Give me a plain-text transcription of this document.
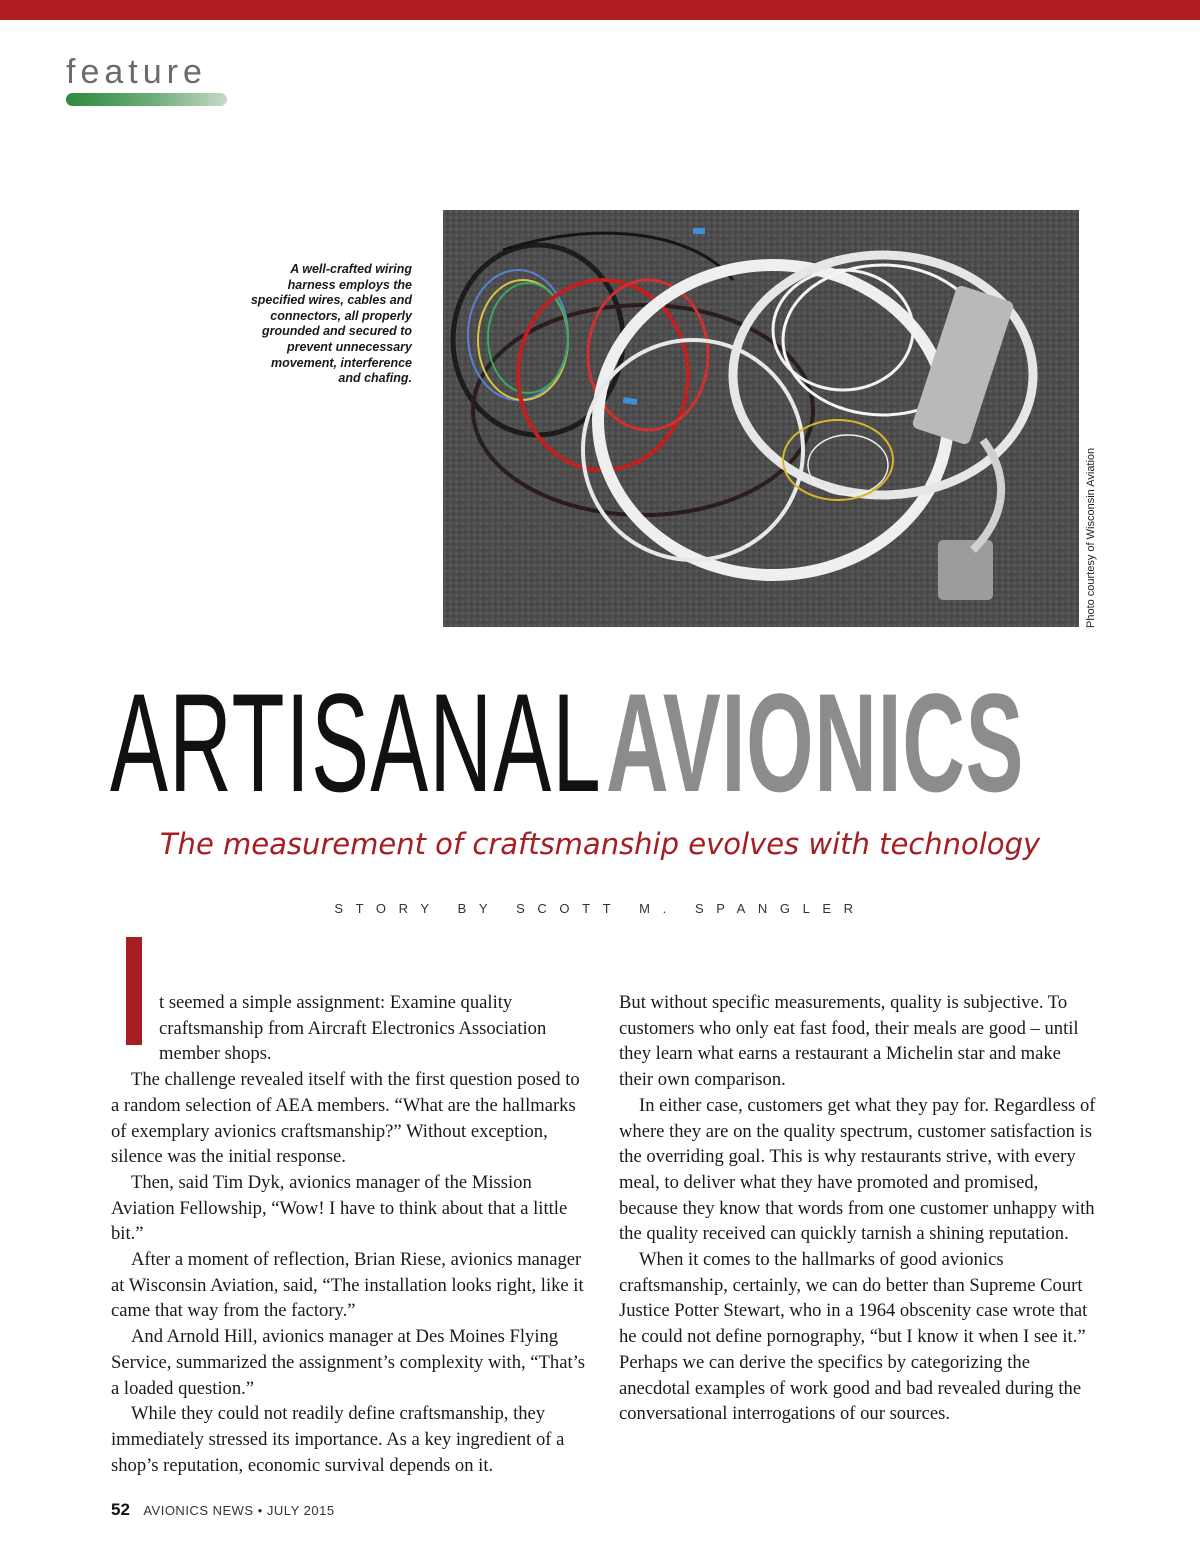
feature
A well-crafted wiring harness employs the specified wires, cables and connectors, all properly grounded and secured to prevent unnecessary movement, interference and chafing.
Photo courtesy of Wisconsin Aviation
ARTISANALAVIONICS
The measurement of craftsmanship evolves with technology
STORY BY SCOTT M. SPANGLER

t seemed a simple assignment: Examine quality craftsmanship from Aircraft Electronics Association member shops.

The challenge revealed itself with the first question posed to a random selection of AEA members. “What are the hallmarks of exemplary avionics craftsmanship?” Without exception, silence was the initial response.

Then, said Tim Dyk, avionics manager of the Mission Aviation Fellowship, “Wow! I have to think about that a little bit.”

After a moment of reflection, Brian Riese, avionics manager at Wisconsin Aviation, said, “The installation looks right, like it came that way from the factory.”

And Arnold Hill, avionics manager at Des Moines Flying Service, summarized the assignment’s complexity with, “That’s a loaded question.”

While they could not readily define craftsmanship, they immediately stressed its importance. As a key ingredient of a shop’s reputation, economic survival depends on it.

But without specific measurements, quality is subjective. To customers who only eat fast food, their meals are good – until they learn what earns a restaurant a Michelin star and make their own comparison.

In either case, customers get what they pay for. Regardless of where they are on the quality spectrum, customer satisfaction is the overriding goal. This is why restaurants strive, with every meal, to deliver what they have promoted and promised, because they know that words from one customer unhappy with the quality received can quickly tarnish a shining reputation.

When it comes to the hallmarks of good avionics craftsmanship, certainly, we can do better than Supreme Court Justice Potter Stewart, who in a 1964 obscenity case wrote that he could not define pornography, “but I know it when I see it.” Perhaps we can derive the specifics by categorizing the anecdotal examples of work good and bad revealed during the conversational interrogations of our sources.

52 AVIONICS NEWS • JULY 2015
